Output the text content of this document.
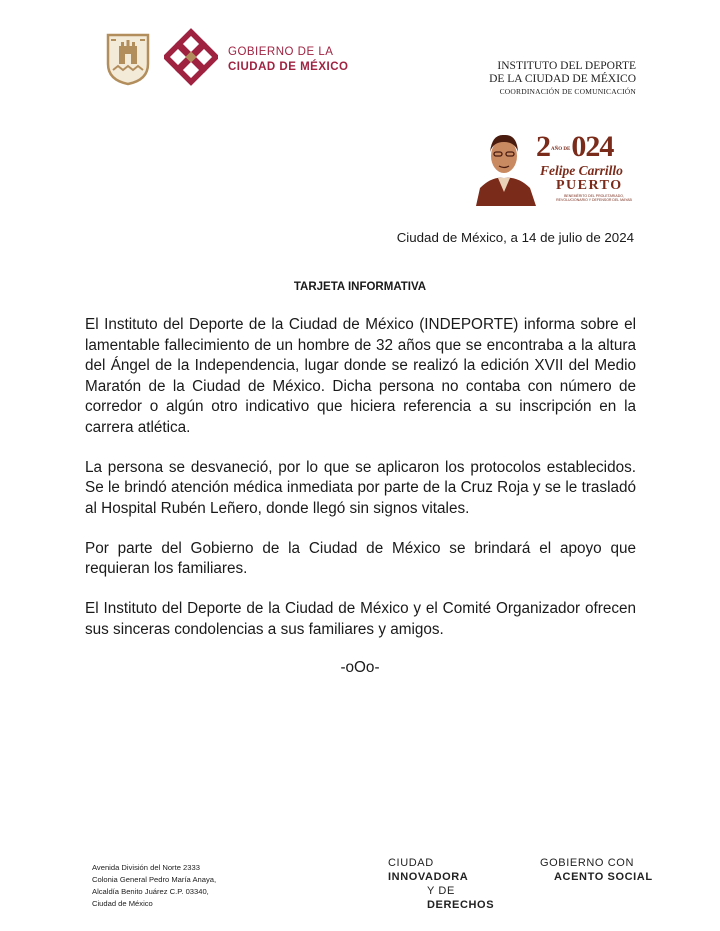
GOBIERNO DE LA
CIUDAD DE MÉXICO	INSTITUTO DEL DEPORTE
DE LA CIUDAD DE MÉXICO
COORDINACIÓN DE COMUNICACIÓN
2AÑO DE024
Felipe Carrillo
PUERTO
BENEMÉRITO DEL PROLETARIADO, REVOLUCIONARIO Y DEFENSOR DEL MAYAB
Ciudad de México, a 14 de julio de 2024
TARJETA INFORMATIVA

El Instituto del Deporte de la Ciudad de México (INDEPORTE) informa sobre el lamentable fallecimiento de un hombre de 32 años que se encontraba a la altura del Ángel de la Independencia, lugar donde se realizó la edición XVII del Medio Maratón de la Ciudad de México. Dicha persona no contaba con número de corredor o algún otro indicativo que hiciera referencia a su inscripción en la carrera atlética.

La persona se desvaneció, por lo que se aplicaron los protocolos establecidos. Se le brindó atención médica inmediata por parte de la Cruz Roja y se le trasladó al Hospital Rubén Leñero, donde llegó sin signos vitales.

Por parte del Gobierno de la Ciudad de México se brindará el apoyo que requieran los familiares.

El Instituto del Deporte de la Ciudad de México y el Comité Organizador ofrecen sus sinceras condolencias a sus familiares y amigos.

-oOo-
Avenida División del Norte 2333
Colonia General Pedro María Anaya,
Alcaldía Benito Juárez C.P. 03340,
Ciudad de México
CIUDAD
INNOVADORA
Y DE
DERECHOS
GOBIERNO CON
ACENTO SOCIAL
